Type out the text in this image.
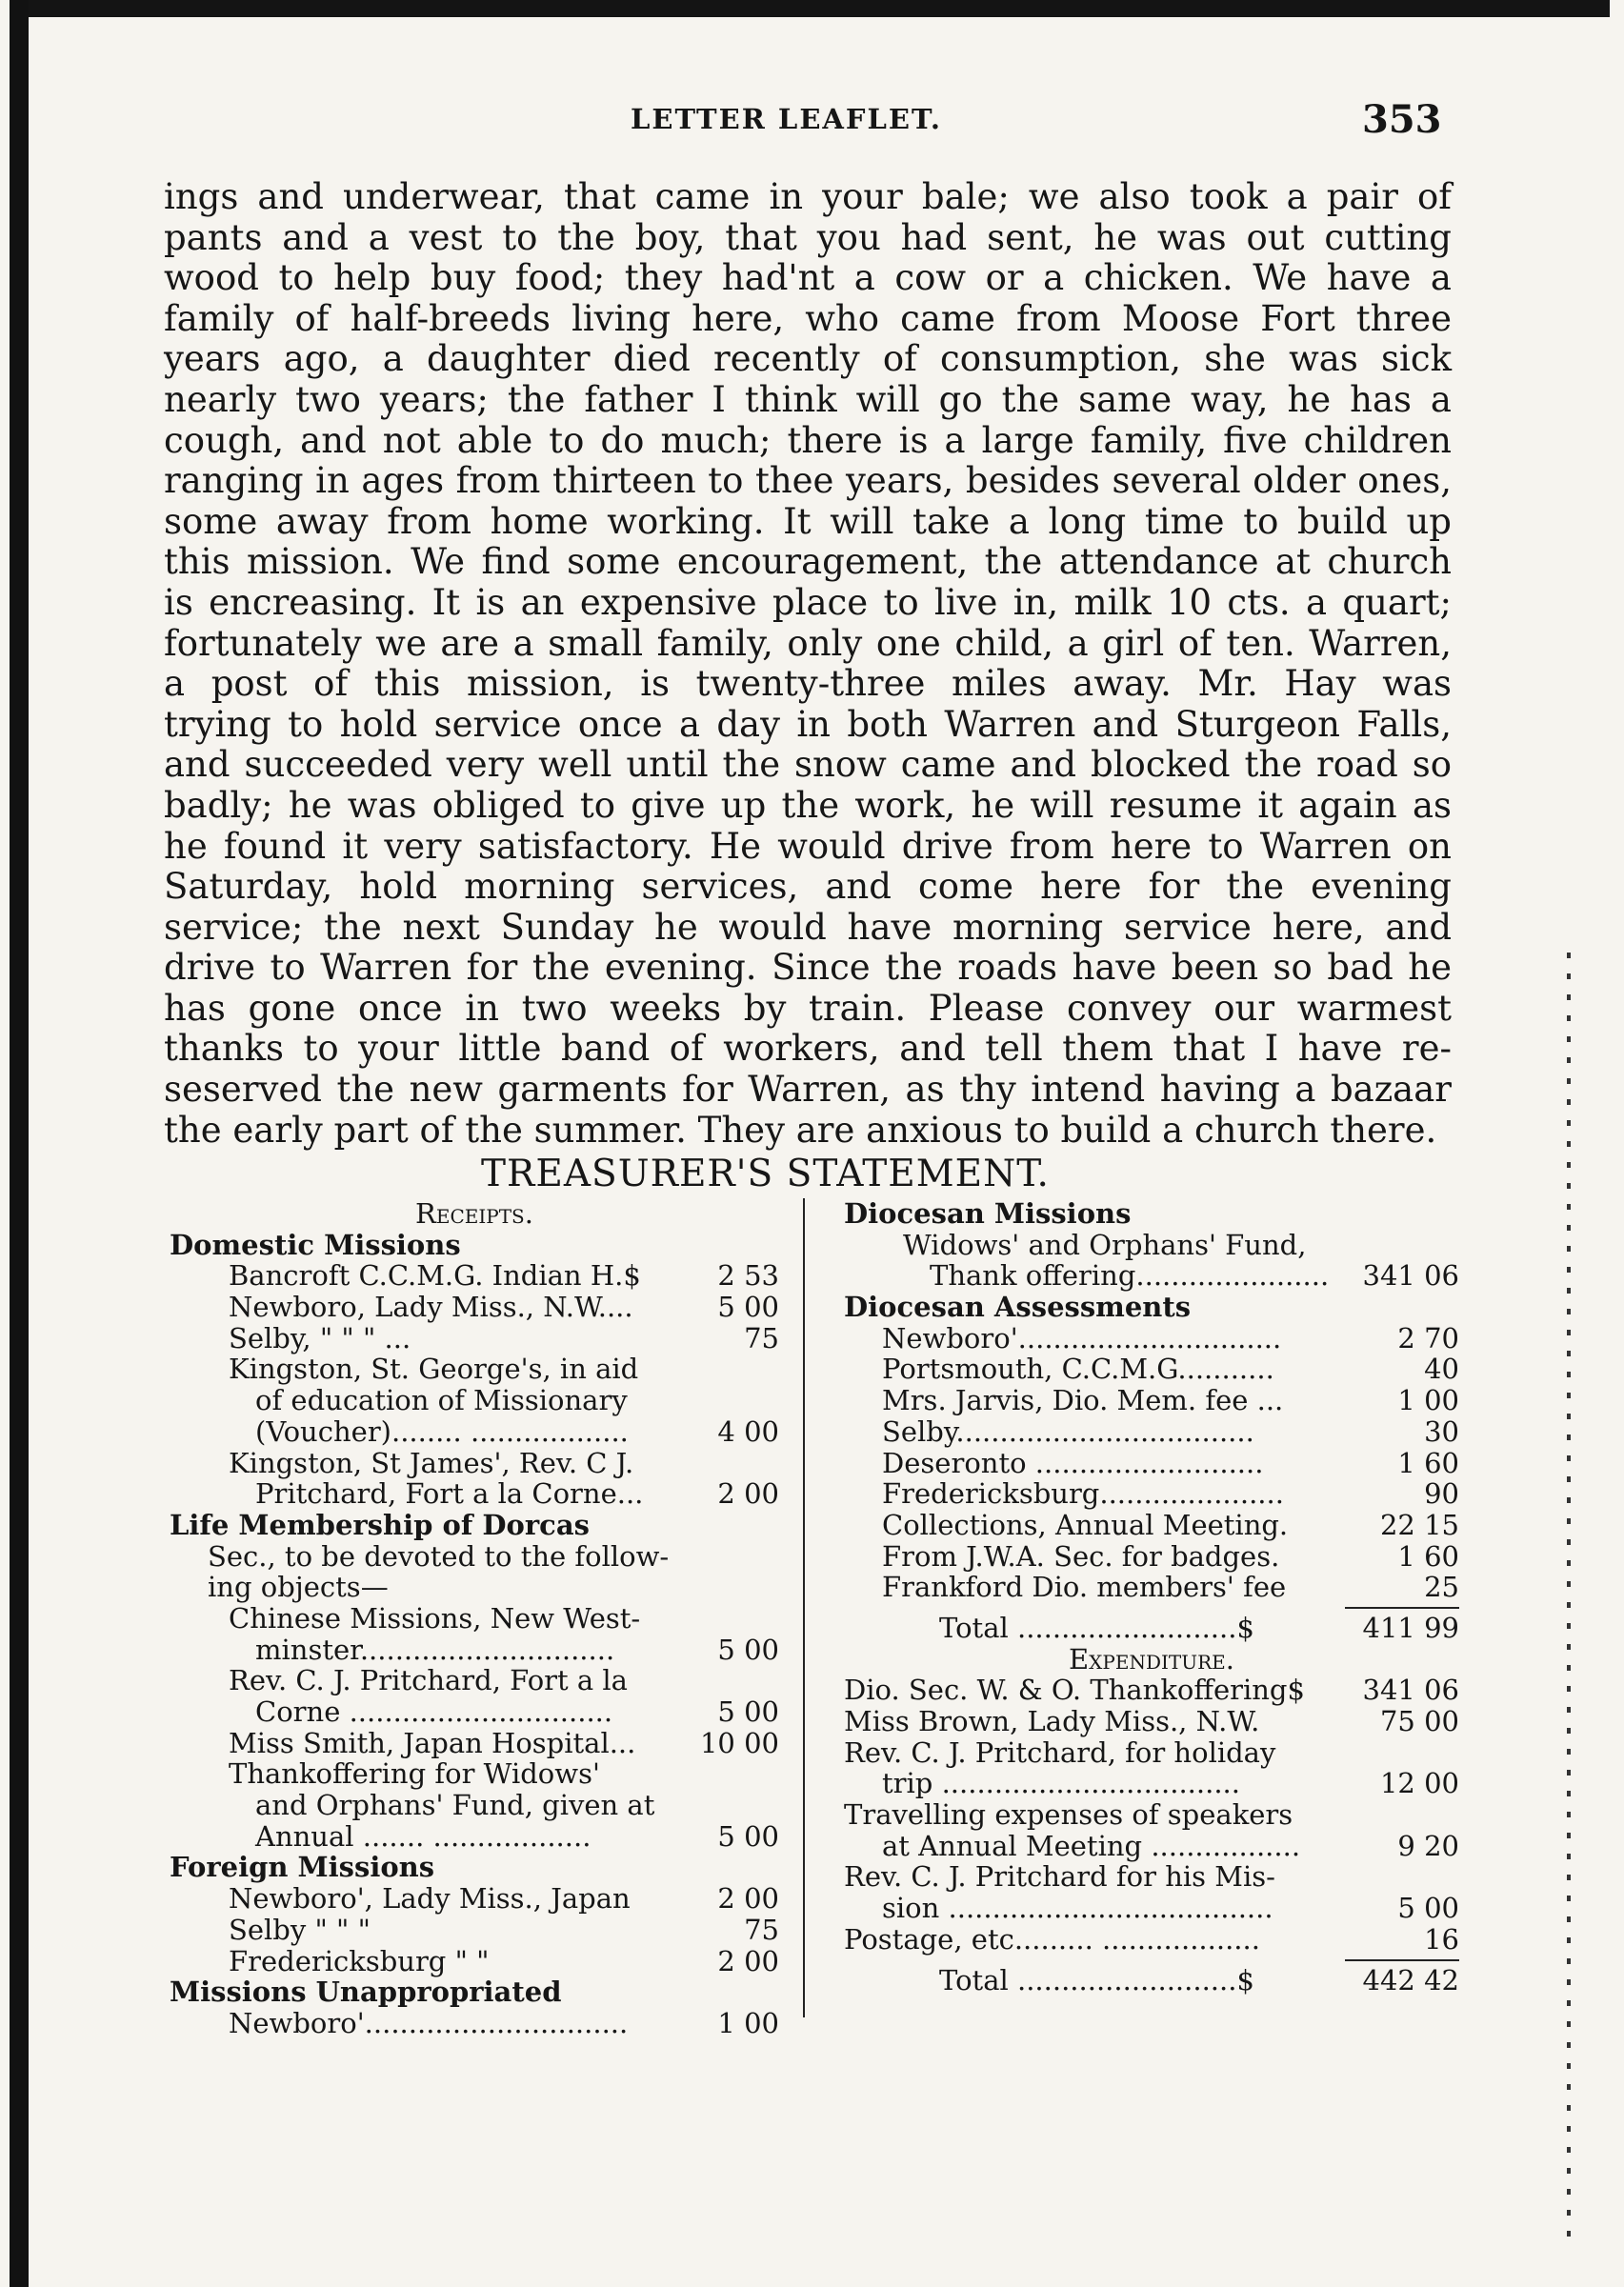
LETTER LEAFLET.	353
ings and underwear, that came in your bale; we also took a pair of
pants and a vest to the boy, that you had sent, he was out cutting
wood to help buy food; they had'nt a cow or a chicken. We have a
family of half-breeds living here, who came from Moose Fort three
years ago, a daughter died recently of consumption, she was sick
nearly two years; the father I think will go the same way, he has a
cough, and not able to do much; there is a large family, five children
ranging in ages from thirteen to thee years, besides several older ones,
some away from home working. It will take a long time to build up
this mission. We find some encouragement, the attendance at church
is encreasing. It is an expensive place to live in, milk 10 cts. a quart;
fortunately we are a small family, only one child, a girl of ten. Warren,
a post of this mission, is twenty-three miles away. Mr. Hay was
trying to hold service once a day in both Warren and Sturgeon Falls,
and succeeded very well until the snow came and blocked the road so
badly; he was obliged to give up the work, he will resume it again as
he found it very satisfactory. He would drive from here to Warren on
Saturday, hold morning services, and come here for the evening
service; the next Sunday he would have morning service here, and
drive to Warren for the evening. Since the roads have been so bad he
has gone once in two weeks by train. Please convey our warmest
thanks to your little band of workers, and tell them that I have re-
seserved the new garments for Warren, as thy intend having a bazaar
the early part of the summer. They are anxious to build a church there.
TREASURER'S STATEMENT.
Receipts.
Domestic Missions
Bancroft C.C.M.G. Indian H.$	2 53
Newboro, Lady Miss., N.W....	5 00
Selby, " " " ...	75
Kingston, St. George's, in aid
of education of Missionary
(Voucher)........ ..................	4 00
Kingston, St James', Rev. C J.
Pritchard, Fort a la Corne...	2 00
Life Membership of Dorcas
Sec., to be devoted to the follow-
ing objects—
Chinese Missions, New West-
minster.............................	5 00
Rev. C. J. Pritchard, Fort a la
Corne ..............................	5 00
Miss Smith, Japan Hospital... 10 00
Thankoffering for Widows'
and Orphans' Fund, given at
Annual ....... ..................	5 00
Foreign Missions
Newboro', Lady Miss., Japan	2 00
Selby " " "	75
Fredericksburg " "	2 00
Missions Unappropriated
Newboro'..............................	1 00
Diocesan Missions
Widows' and Orphans' Fund,
Thank offering...................... 341 06
Diocesan Assessments
Newboro'..............................	2 70
Portsmouth, C.C.M.G...........	40
Mrs. Jarvis, Dio. Mem. fee ...	1 00
Selby..................................	30
Deseronto ..........................	1 60
Fredericksburg.....................	90
Collections, Annual Meeting.	22 15
From J.W.A. Sec. for badges.	1 60
Frankford Dio. members' fee	25
Total .........................$	411 99
Expenditure.
Dio. Sec. W. & O. Thankoffering$ 341 06
Miss Brown, Lady Miss., N.W.	75 00
Rev. C. J. Pritchard, for holiday
trip ..................................	12 00
Travelling expenses of speakers
at Annual Meeting .................	9 20
Rev. C. J. Pritchard for his Mis-
sion .....................................	5 00
Postage, etc......... ..................	16
Total .........................$	442 42
